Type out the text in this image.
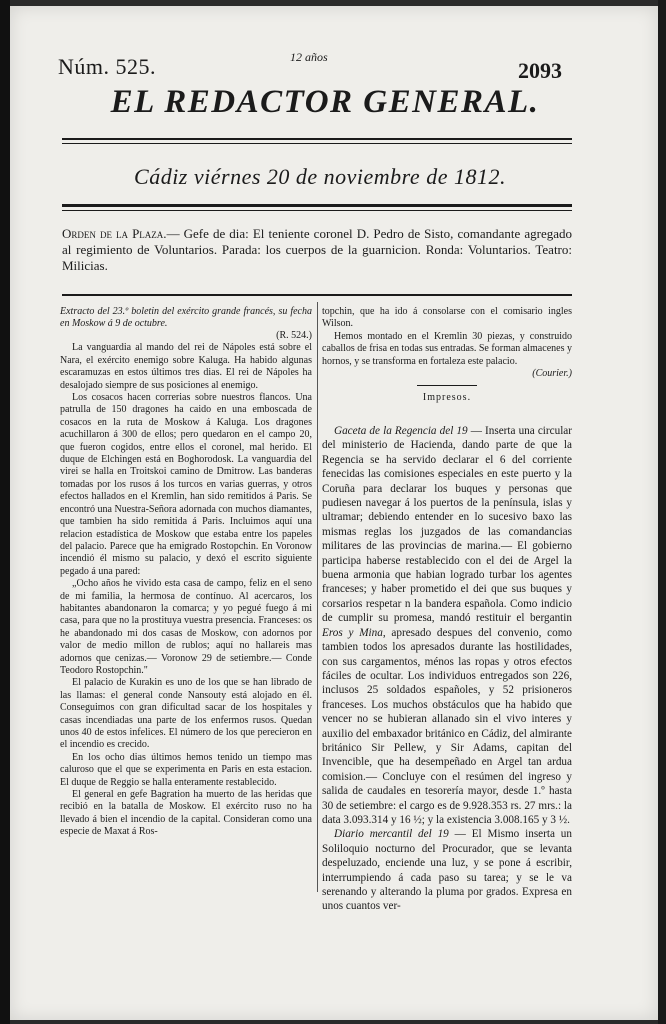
Núm. 525.	12 años
2093
EL REDACTOR GENERAL.
Cádiz viérnes 20 de noviembre de 1812.

Orden de la Plaza.— Gefe de dia: El teniente coronel D. Pedro de Sisto, comandante agregado al regimiento de Voluntarios. Parada: los cuerpos de la guarnicion. Ronda: Voluntarios. Teatro: Milicias.

Extracto del 23.º boletin del exército grande francés, su fecha en Moskow á 9 de octubre.

(R. 524.)

La vanguardia al mando del rei de Nápoles está sobre el Nara, el exército enemigo sobre Kaluga. Ha habido algunas escaramuzas en estos últimos tres dias. El rei de Nápoles ha desalojado siempre de sus posiciones al enemigo.

Los cosacos hacen correrias sobre nuestros flancos. Una patrulla de 150 dragones ha caido en una emboscada de cosacos en la ruta de Moskow á Kaluga. Los dragones acuchillaron á 300 de ellos; pero quedaron en el campo 20, que fueron cogidos, entre ellos el coronel, mal herido. El duque de Elchingen está en Boghorodosk. La vanguardia del virei se halla en Troitskoi camino de Dmitrow. Las banderas tomadas por los rusos á los turcos en varias guerras, y otros efectos hallados en el Kremlin, han sido remitidos á Paris. Se encontró una Nuestra-Señora adornada con muchos diamantes, que tambien ha sido remitida á Paris. Incluimos aquí una relacion estadística de Moskow que estaba entre los papeles del palacio. Parece que ha emigrado Rostopchin. En Voronow incendió él mismo su palacio, y dexó el escrito siguiente pegado á una pared:

„Ocho años he vivido esta casa de campo, feliz en el seno de mi familia, la hermosa de contínuo. Al acercaros, los habitantes abandonaron la comarca; y yo pegué fuego á mi casa, para que no la prostituya vuestra presencia. Franceses: os he abandonado mi dos casas de Moskow, con adornos por valor de medio millon de rublos; aquí no hallareis mas adornos que cenizas.— Voronow 29 de setiembre.— Conde Teodoro Rostopchin."

El palacio de Kurakin es uno de los que se han librado de las llamas: el general conde Nansouty está alojado en él. Conseguimos con gran dificultad sacar de los hospitales y casas incendiadas una parte de los enfermos rusos. Quedan unos 40 de estos infelices. El número de los que perecieron en el incendio es crecido.

En los ocho dias últimos hemos tenido un tiempo mas caluroso que el que se experimenta en Paris en esta estacion. El duque de Reggio se halla enteramente restablecido.

El general en gefe Bagration ha muerto de las heridas que recibió en la batalla de Moskow. El exército ruso no ha llevado á bien el incendio de la capital. Consideran como una especie de Maxat á Ros-

topchin, que ha ido á consolarse con el comisario ingles Wilson.

Hemos montado en el Kremlin 30 piezas, y construido caballos de frisa en todas sus entradas. Se forman almacenes y hornos, y se transforma en fortaleza este palacio.

(Courier.)

Impresos.

Gaceta de la Regencia del 19 — Inserta una circular del ministerio de Hacienda, dando parte de que la Regencia se ha servido declarar el 6 del corriente fenecidas las comisiones especiales en este puerto y la Coruña para declarar los buques y personas que pudiesen navegar á los puertos de la península, islas y ultramar; debiendo entender en lo sucesivo baxo las mismas reglas los juzgados de las comandancias militares de las provincias de marina.— El gobierno participa haberse restablecido con el dei de Argel la buena armonia que habian logrado turbar los agentes franceses; y haber prometido el dei que sus buques y corsarios respetar n la bandera española. Como indicio de cumplir su promesa, mandó restituir el bergantin Eros y Mina, apresado despues del convenio, como tambien todos los apresados durante las hostilidades, con sus cargamentos, ménos las ropas y otros efectos fáciles de ocultar. Los individuos entregados son 226, inclusos 25 soldados españoles, y 52 prisioneros franceses. Los muchos obstáculos que ha habido que vencer no se hubieran allanado sin el vivo interes y auxilio del embaxador británico en Cádiz, del almirante británico Sir Pellew, y Sir Adams, capitan del Invencible, que ha desempeñado en Argel tan ardua comision.— Concluye con el resúmen del ingreso y salida de caudales en tesorería mayor, desde 1.º hasta 30 de setiembre: el cargo es de 9.928.353 rs. 27 mrs.: la data 3.093.314 y 16 ½; y la existencia 3.008.165 y 3 ½.

Diario mercantil del 19 — El Mismo inserta un Soliloquio nocturno del Procurador, que se levanta despeluzado, enciende una luz, y se pone á escribir, interrumpiendo á cada paso su tarea; y se le va serenando y alterando la pluma por grados. Expresa en unos cuantos ver-
